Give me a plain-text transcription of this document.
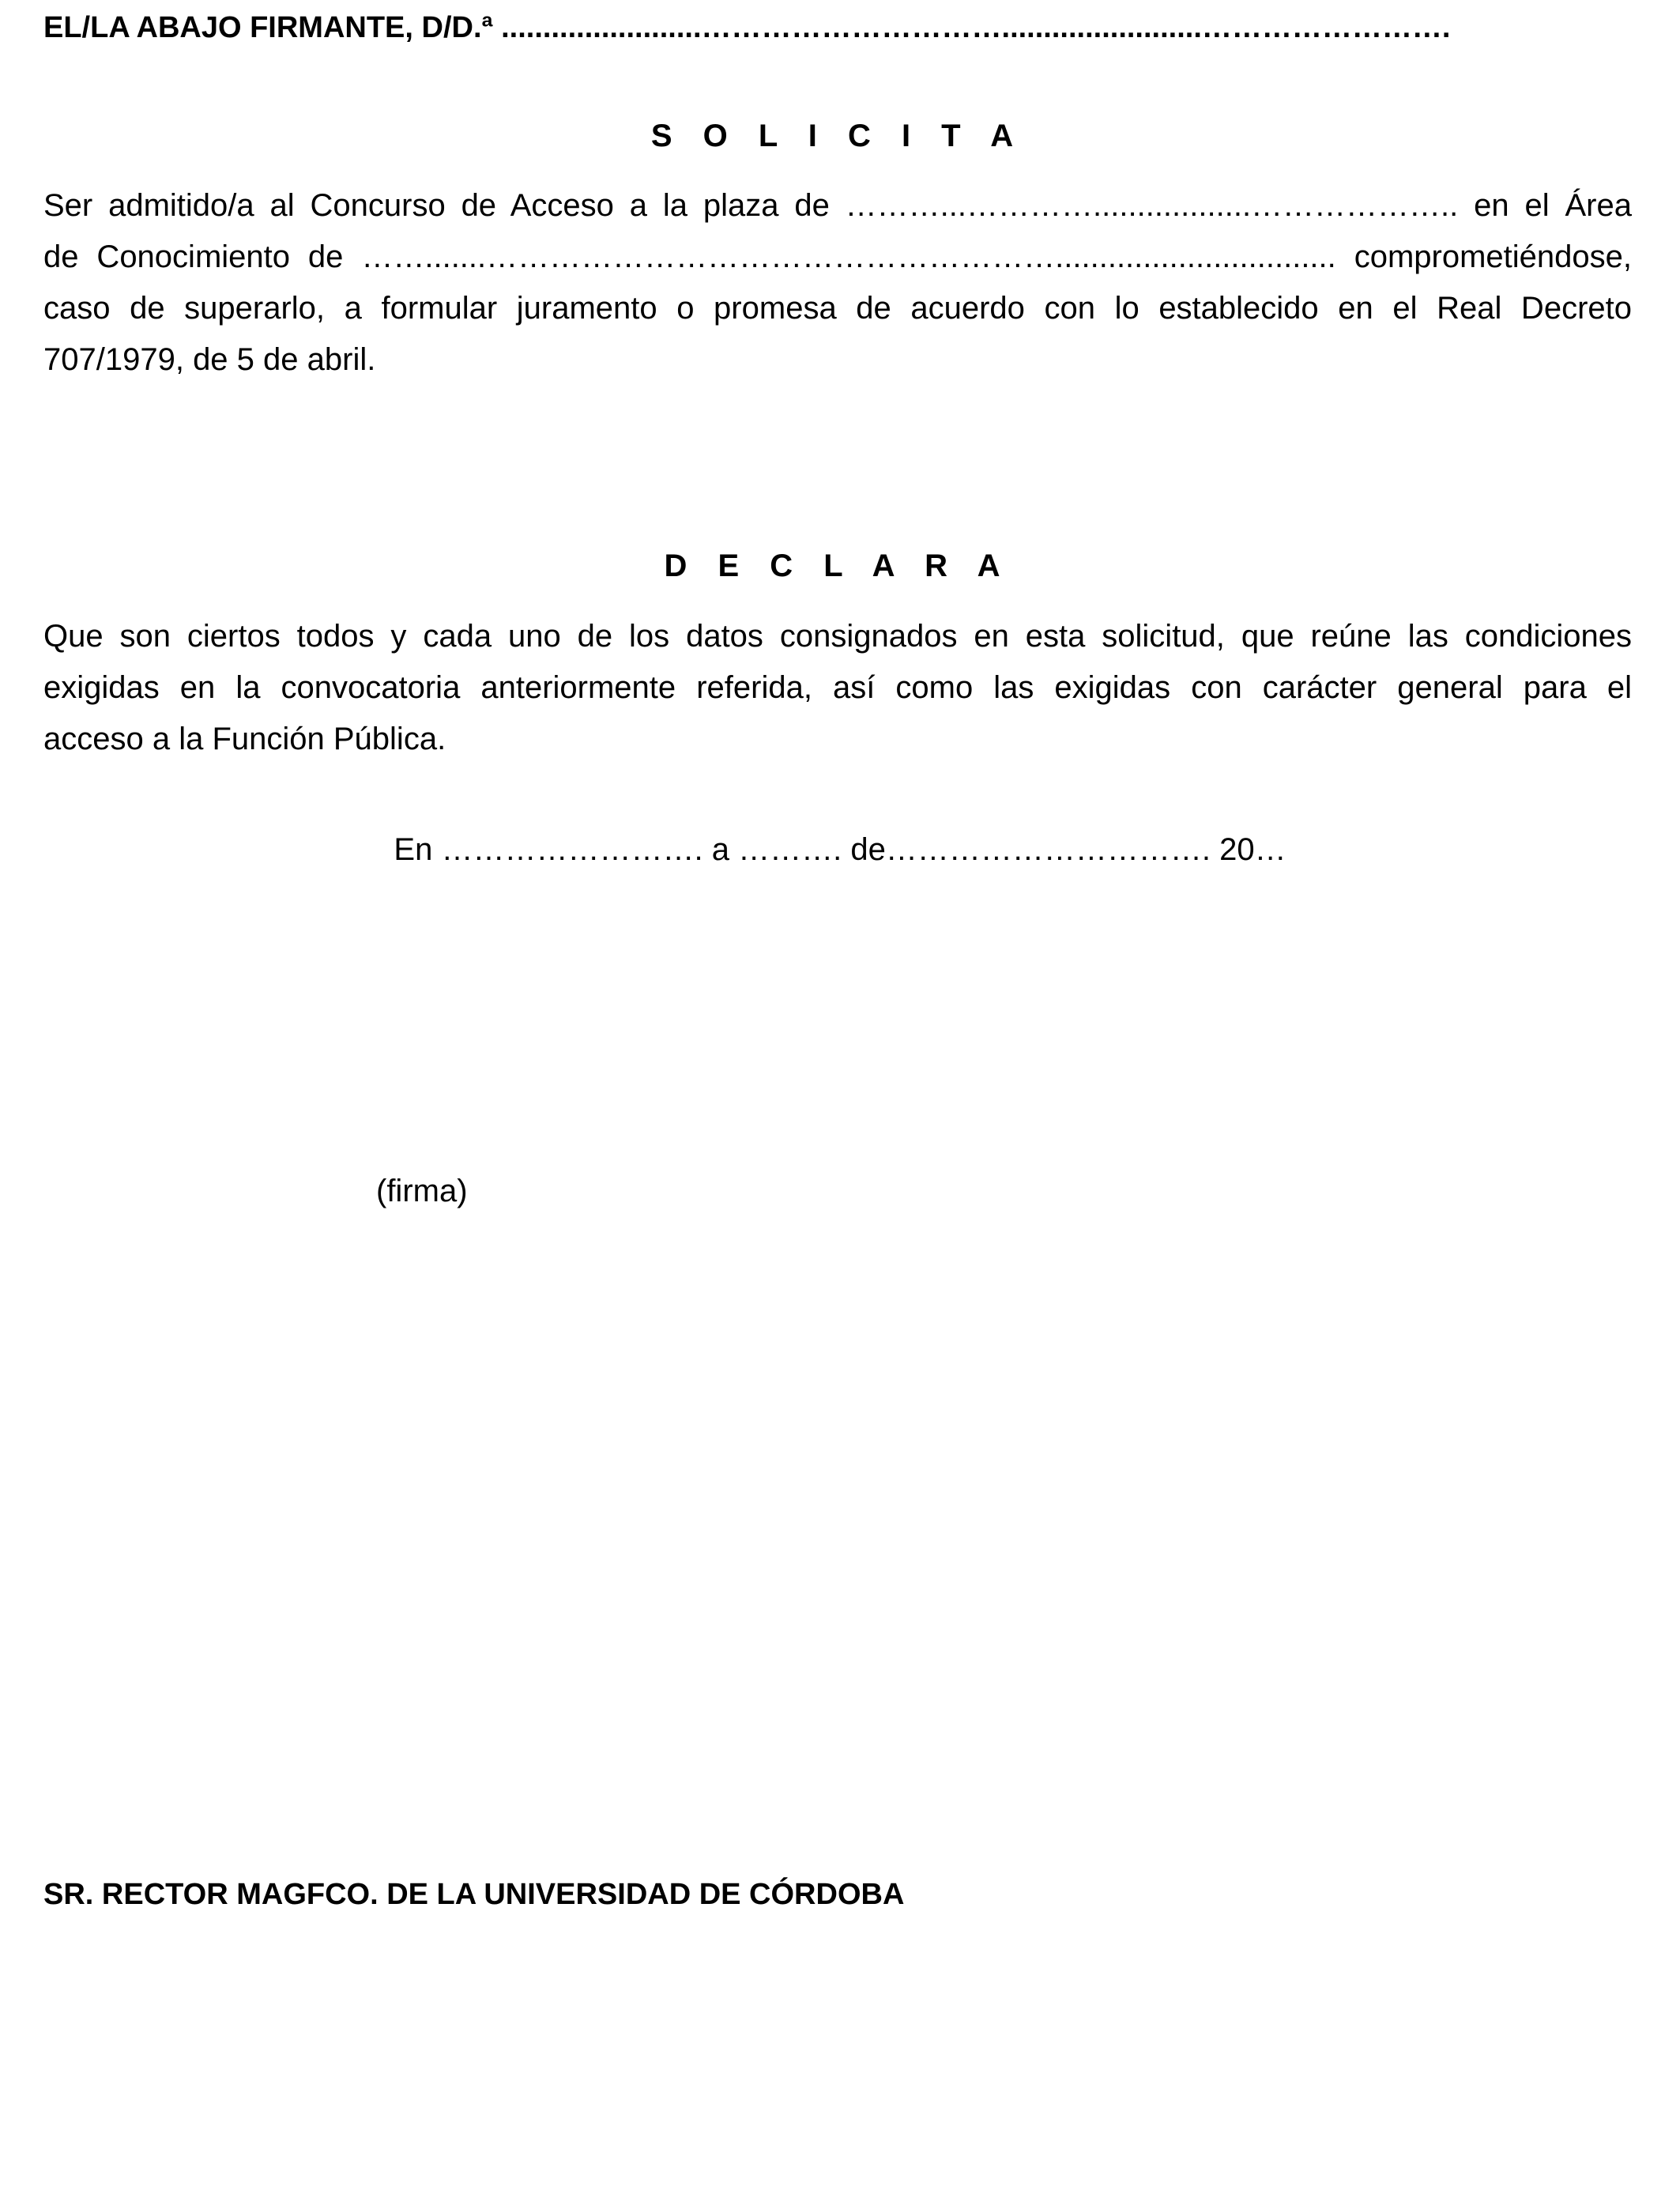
EL/LA ABAJO FIRMANTE, D/D.ª ........................…………………………........................…………………….
S O L I C I T A
Ser admitido/a al Concurso de Acceso a la plaza de ………...…………..................……………….. en el Área
de Conocimiento de …….......………………………………………………................................ comprometiéndose,
caso de superarlo, a formular juramento o promesa de acuerdo con lo establecido en el Real Decreto
707/1979, de 5 de abril.
D E C L A R A
Que son ciertos todos y cada uno de los datos consignados en esta solicitud, que reúne las condiciones
exigidas en la convocatoria anteriormente referida, así como las exigidas con carácter general para el
acceso a la Función Pública.
En ……………………. a ………. de…………………………. 20…
(firma)
SR. RECTOR MAGFCO. DE LA UNIVERSIDAD DE CÓRDOBA
